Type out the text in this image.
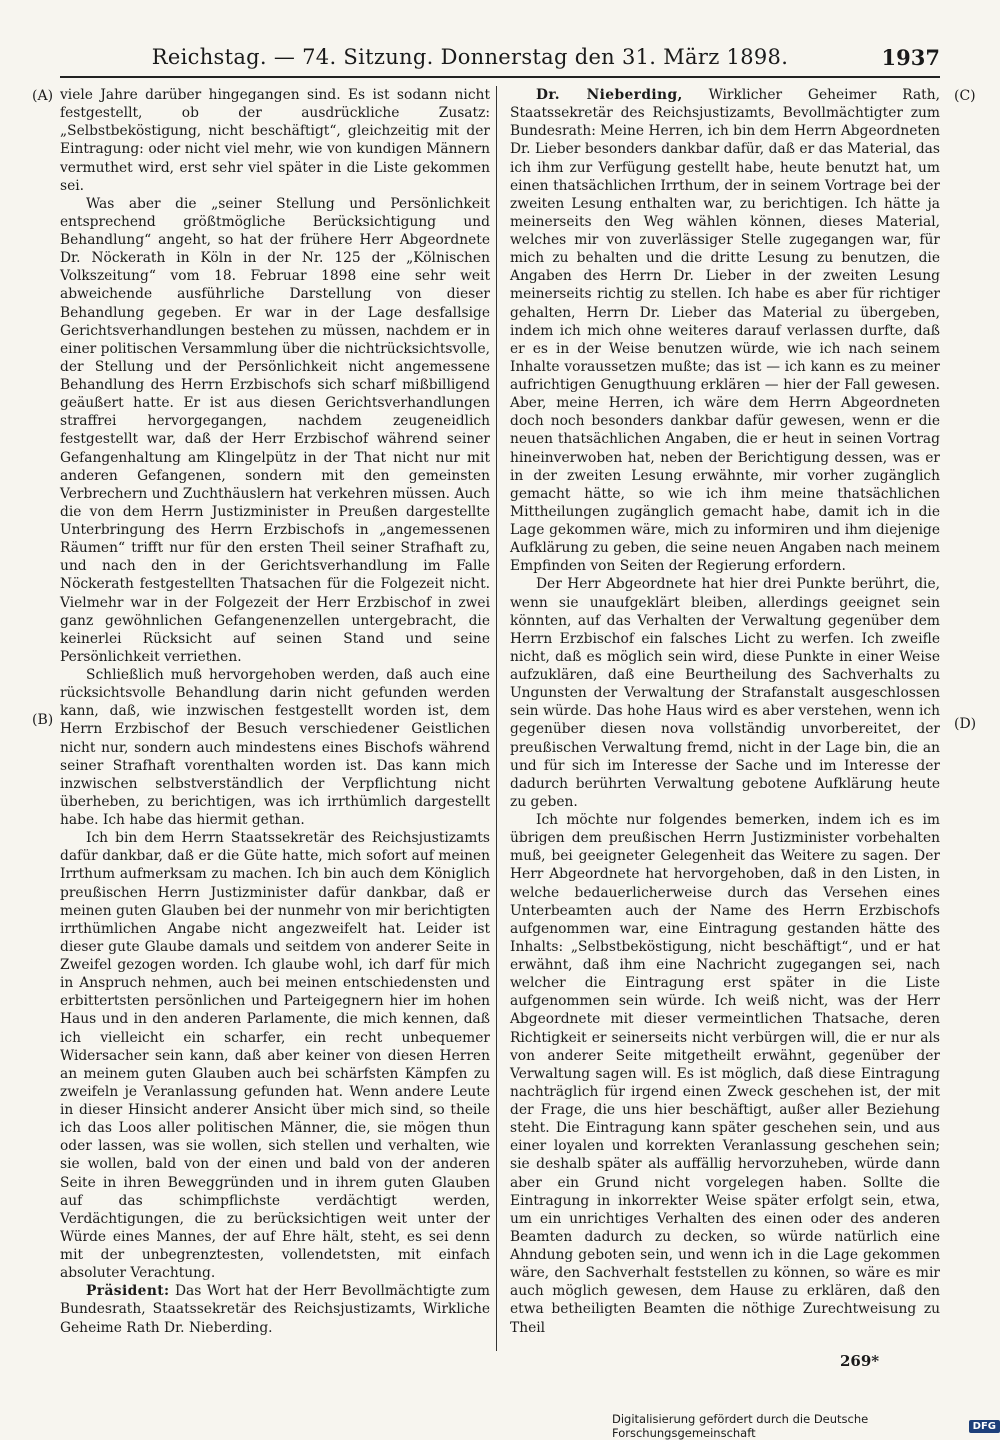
Reichstag. — 74. Sitzung. Donnerstag den 31. März 1898.	1937
(A)
(B)
(C)
(D)

viele Jahre darüber hingegangen sind. Es ist sodann nicht festgestellt, ob der ausdrückliche Zusatz: „Selbstbeköstigung, nicht beschäftigt“, gleichzeitig mit der Eintragung: oder nicht viel mehr, wie von kundigen Männern vermuthet wird, erst sehr viel später in die Liste gekommen sei.

Was aber die „seiner Stellung und Persönlichkeit entsprechend größtmögliche Berücksichtigung und Behandlung“ angeht, so hat der frühere Herr Abgeordnete Dr. Nöckerath in Köln in der Nr. 125 der „Kölnischen Volkszeitung“ vom 18. Februar 1898 eine sehr weit abweichende ausführliche Darstellung von dieser Behandlung gegeben. Er war in der Lage desfallsige Gerichtsverhandlungen bestehen zu müssen, nachdem er in einer politischen Versammlung über die nichtrücksichtsvolle, der Stellung und der Persönlichkeit nicht angemessene Behandlung des Herrn Erzbischofs sich scharf mißbilligend geäußert hatte. Er ist aus diesen Gerichtsverhandlungen straffrei hervorgegangen, nachdem zeugeneidlich festgestellt war, daß der Herr Erzbischof während seiner Gefangenhaltung am Klingelpütz in der That nicht nur mit anderen Gefangenen, sondern mit den gemeinsten Verbrechern und Zuchthäuslern hat verkehren müssen. Auch die von dem Herrn Justizminister in Preußen dargestellte Unterbringung des Herrn Erzbischofs in „angemessenen Räumen“ trifft nur für den ersten Theil seiner Strafhaft zu, und nach den in der Gerichtsverhandlung im Falle Nöckerath festgestellten Thatsachen für die Folgezeit nicht. Vielmehr war in der Folgezeit der Herr Erzbischof in zwei ganz gewöhnlichen Gefangenenzellen untergebracht, die keinerlei Rücksicht auf seinen Stand und seine Persönlichkeit verriethen.

Schließlich muß hervorgehoben werden, daß auch eine rücksichtsvolle Behandlung darin nicht gefunden werden kann, daß, wie inzwischen festgestellt worden ist, dem Herrn Erzbischof der Besuch verschiedener Geistlichen nicht nur, sondern auch mindestens eines Bischofs während seiner Strafhaft vorenthalten worden ist. Das kann mich inzwischen selbstverständlich der Verpflichtung nicht überheben, zu berichtigen, was ich irrthümlich dargestellt habe. Ich habe das hiermit gethan.

Ich bin dem Herrn Staatssekretär des Reichsjustizamts dafür dankbar, daß er die Güte hatte, mich sofort auf meinen Irrthum aufmerksam zu machen. Ich bin auch dem Königlich preußischen Herrn Justizminister dafür dankbar, daß er meinen guten Glauben bei der nunmehr von mir berichtigten irrthümlichen Angabe nicht angezweifelt hat. Leider ist dieser gute Glaube damals und seitdem von anderer Seite in Zweifel gezogen worden. Ich glaube wohl, ich darf für mich in Anspruch nehmen, auch bei meinen entschiedensten und erbittertsten persönlichen und Parteigegnern hier im hohen Haus und in den anderen Parlamente, die mich kennen, daß ich vielleicht ein scharfer, ein recht unbequemer Widersacher sein kann, daß aber keiner von diesen Herren an meinem guten Glauben auch bei schärfsten Kämpfen zu zweifeln je Veranlassung gefunden hat. Wenn andere Leute in dieser Hinsicht anderer Ansicht über mich sind, so theile ich das Loos aller politischen Männer, die, sie mögen thun oder lassen, was sie wollen, sich stellen und verhalten, wie sie wollen, bald von der einen und bald von der anderen Seite in ihren Beweggründen und in ihrem guten Glauben auf das schimpflichste verdächtigt werden, Verdächtigungen, die zu berücksichtigen weit unter der Würde eines Mannes, der auf Ehre hält, steht, es sei denn mit der unbegrenztesten, vollendetsten, mit einfach absoluter Verachtung.

Präsident: Das Wort hat der Herr Bevollmächtigte zum Bundesrath, Staatssekretär des Reichsjustizamts, Wirkliche Geheime Rath Dr. Nieberding.

Dr. Nieberding, Wirklicher Geheimer Rath, Staatssekretär des Reichsjustizamts, Bevollmächtigter zum Bundesrath: Meine Herren, ich bin dem Herrn Abgeordneten Dr. Lieber besonders dankbar dafür, daß er das Material, das ich ihm zur Verfügung gestellt habe, heute benutzt hat, um einen thatsächlichen Irrthum, der in seinem Vortrage bei der zweiten Lesung enthalten war, zu berichtigen. Ich hätte ja meinerseits den Weg wählen können, dieses Material, welches mir von zuverlässiger Stelle zugegangen war, für mich zu behalten und die dritte Lesung zu benutzen, die Angaben des Herrn Dr. Lieber in der zweiten Lesung meinerseits richtig zu stellen. Ich habe es aber für richtiger gehalten, Herrn Dr. Lieber das Material zu übergeben, indem ich mich ohne weiteres darauf verlassen durfte, daß er es in der Weise benutzen würde, wie ich nach seinem Inhalte voraussetzen mußte; das ist — ich kann es zu meiner aufrichtigen Genugthuung erklären — hier der Fall gewesen. Aber, meine Herren, ich wäre dem Herrn Abgeordneten doch noch besonders dankbar dafür gewesen, wenn er die neuen thatsächlichen Angaben, die er heut in seinen Vortrag hineinverwoben hat, neben der Berichtigung dessen, was er in der zweiten Lesung erwähnte, mir vorher zugänglich gemacht hätte, so wie ich ihm meine thatsächlichen Mittheilungen zugänglich gemacht habe, damit ich in die Lage gekommen wäre, mich zu informiren und ihm diejenige Aufklärung zu geben, die seine neuen Angaben nach meinem Empfinden von Seiten der Regierung erfordern.

Der Herr Abgeordnete hat hier drei Punkte berührt, die, wenn sie unaufgeklärt bleiben, allerdings geeignet sein könnten, auf das Verhalten der Verwaltung gegenüber dem Herrn Erzbischof ein falsches Licht zu werfen. Ich zweifle nicht, daß es möglich sein wird, diese Punkte in einer Weise aufzuklären, daß eine Beurtheilung des Sachverhalts zu Ungunsten der Verwaltung der Strafanstalt ausgeschlossen sein würde. Das hohe Haus wird es aber verstehen, wenn ich gegenüber diesen nova vollständig unvorbereitet, der preußischen Verwaltung fremd, nicht in der Lage bin, die an und für sich im Interesse der Sache und im Interesse der dadurch berührten Verwaltung gebotene Aufklärung heute zu geben.

Ich möchte nur folgendes bemerken, indem ich es im übrigen dem preußischen Herrn Justizminister vorbehalten muß, bei geeigneter Gelegenheit das Weitere zu sagen. Der Herr Abgeordnete hat hervorgehoben, daß in den Listen, in welche bedauerlicherweise durch das Versehen eines Unterbeamten auch der Name des Herrn Erzbischofs aufgenommen war, eine Eintragung gestanden hätte des Inhalts: „Selbstbeköstigung, nicht beschäftigt“, und er hat erwähnt, daß ihm eine Nachricht zugegangen sei, nach welcher die Eintragung erst später in die Liste aufgenommen sein würde. Ich weiß nicht, was der Herr Abgeordnete mit dieser vermeintlichen Thatsache, deren Richtigkeit er seinerseits nicht verbürgen will, die er nur als von anderer Seite mitgetheilt erwähnt, gegenüber der Verwaltung sagen will. Es ist möglich, daß diese Eintragung nachträglich für irgend einen Zweck geschehen ist, der mit der Frage, die uns hier beschäftigt, außer aller Beziehung steht. Die Eintragung kann später geschehen sein, und aus einer loyalen und korrekten Veranlassung geschehen sein; sie deshalb später als auffällig hervorzuheben, würde dann aber ein Grund nicht vorgelegen haben. Sollte die Eintragung in inkorrekter Weise später erfolgt sein, etwa, um ein unrichtiges Verhalten des einen oder des anderen Beamten dadurch zu decken, so würde natürlich eine Ahndung geboten sein, und wenn ich in die Lage gekommen wäre, den Sachverhalt feststellen zu können, so wäre es mir auch möglich gewesen, dem Hause zu erklären, daß den etwa betheiligten Beamten die nöthige Zurechtweisung zu Theil

269*
Digitalisierung gefördert durch die Deutsche Forschungsgemeinschaft	DFG
